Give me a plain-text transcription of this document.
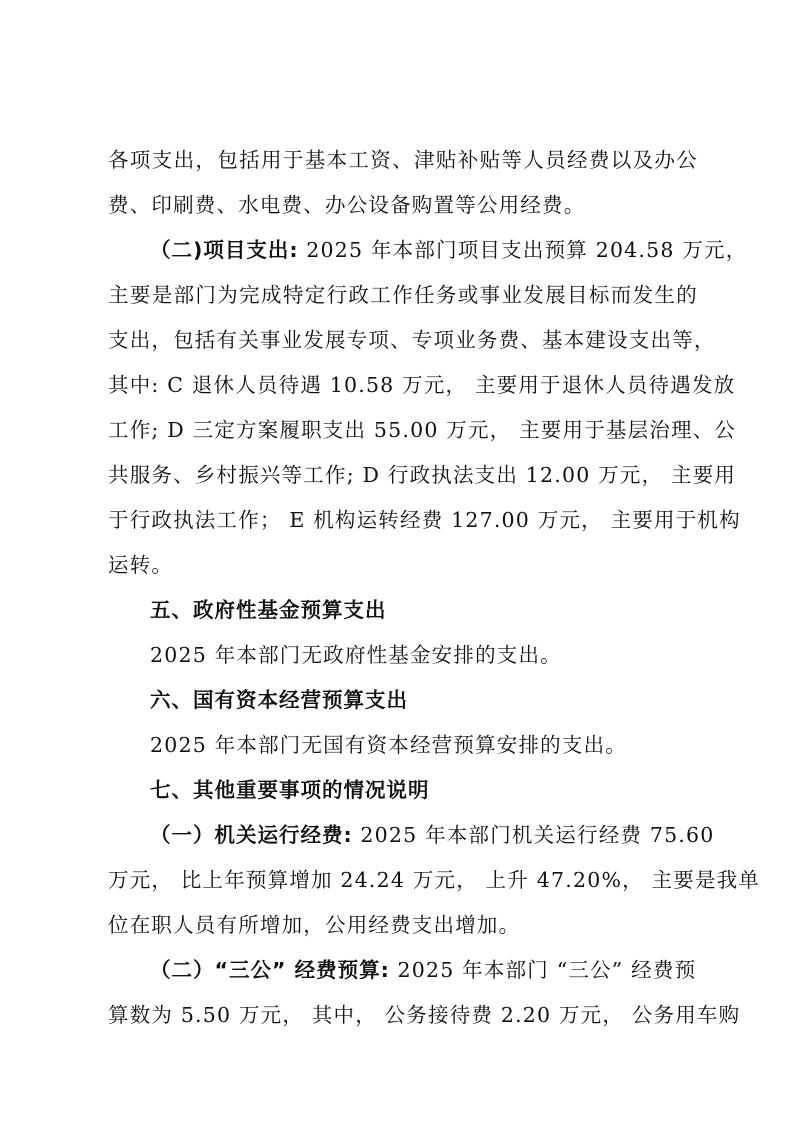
各项支出，包括用于基本工资、津贴补贴等人员经费以及办公
费、印刷费、水电费、办公设备购置等公用经费。
（二)项目支出: 2025 年本部门项目支出预算 204.58 万元，
主要是部门为完成特定行政工作任务或事业发展目标而发生的
支出，包括有关事业发展专项、专项业务费、基本建设支出等，
其中: C 退休人员待遇 10.58 万元， 主要用于退休人员待遇发放
工作; D 三定方案履职支出 55.00 万元， 主要用于基层治理、公
共服务、乡村振兴等工作; D 行政执法支出 12.00 万元， 主要用
于行政执法工作； E 机构运转经费 127.00 万元， 主要用于机构
运转。
五、政府性基金预算支出
2025 年本部门无政府性基金安排的支出。
六、国有资本经营预算支出
2025 年本部门无国有资本经营预算安排的支出。
七、其他重要事项的情况说明
（一）机关运行经费: 2025 年本部门机关运行经费 75.60
万元， 比上年预算增加 24.24 万元， 上升 47.20%， 主要是我单
位在职人员有所增加，公用经费支出增加。
（二）“三公” 经费预算: 2025 年本部门 “三公” 经费预
算数为 5.50 万元， 其中， 公务接待费 2.20 万元， 公务用车购
